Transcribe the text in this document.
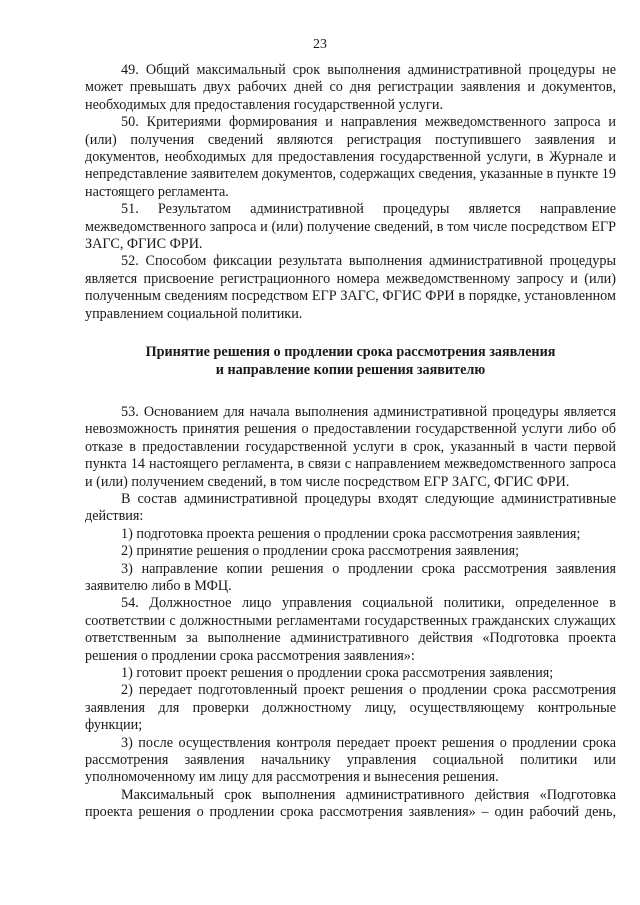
23

49. Общий максимальный срок выполнения административной процедуры не может превышать двух рабочих дней со дня регистрации заявления и документов, необходимых для предоставления государственной услуги.

50. Критериями формирования и направления межведомственного запроса и (или) получения сведений являются регистрация поступившего заявления и документов, необходимых для предоставления государственной услуги, в Журнале и непредставление заявителем документов, содержащих сведения, указанные в пункте 19 настоящего регламента.

51. Результатом административной процедуры является направление межведомственного запроса и (или) получение сведений, в том числе посредством ЕГР ЗАГС, ФГИС ФРИ.

52. Способом фиксации результата выполнения административной процедуры является присвоение регистрационного номера межведомственному запросу и (или) полученным сведениям посредством ЕГР ЗАГС, ФГИС ФРИ в порядке, установленном управлением социальной политики.

Принятие решения о продлении срока рассмотрения заявления
и направление копии решения заявителю

53. Основанием для начала выполнения административной процедуры является невозможность принятия решения о предоставлении государственной услуги либо об отказе в предоставлении государственной услуги в срок, указанный в части первой пункта 14 настоящего регламента, в связи с направлением межведомственного запроса и (или) получением сведений, в том числе посредством ЕГР ЗАГС, ФГИС ФРИ.

В состав административной процедуры входят следующие административные действия:

1) подготовка проекта решения о продлении срока рассмотрения заявления;

2) принятие решения о продлении срока рассмотрения заявления;

3) направление копии решения о продлении срока рассмотрения заявления заявителю либо в МФЦ.

54. Должностное лицо управления социальной политики, определенное в соответствии с должностными регламентами государственных гражданских служащих ответственным за выполнение административного действия «Подготовка проекта решения о продлении срока рассмотрения заявления»:

1) готовит проект решения о продлении срока рассмотрения заявления;

2) передает подготовленный проект решения о продлении срока рассмотрения заявления для проверки должностному лицу, осуществляющему контрольные функции;

3) после осуществления контроля передает проект решения о продлении срока рассмотрения заявления начальнику управления социальной политики или уполномоченному им лицу для рассмотрения и вынесения решения.

Максимальный срок выполнения административного действия «Подготовка проекта решения о продлении срока рассмотрения заявления» – один рабочий день,
